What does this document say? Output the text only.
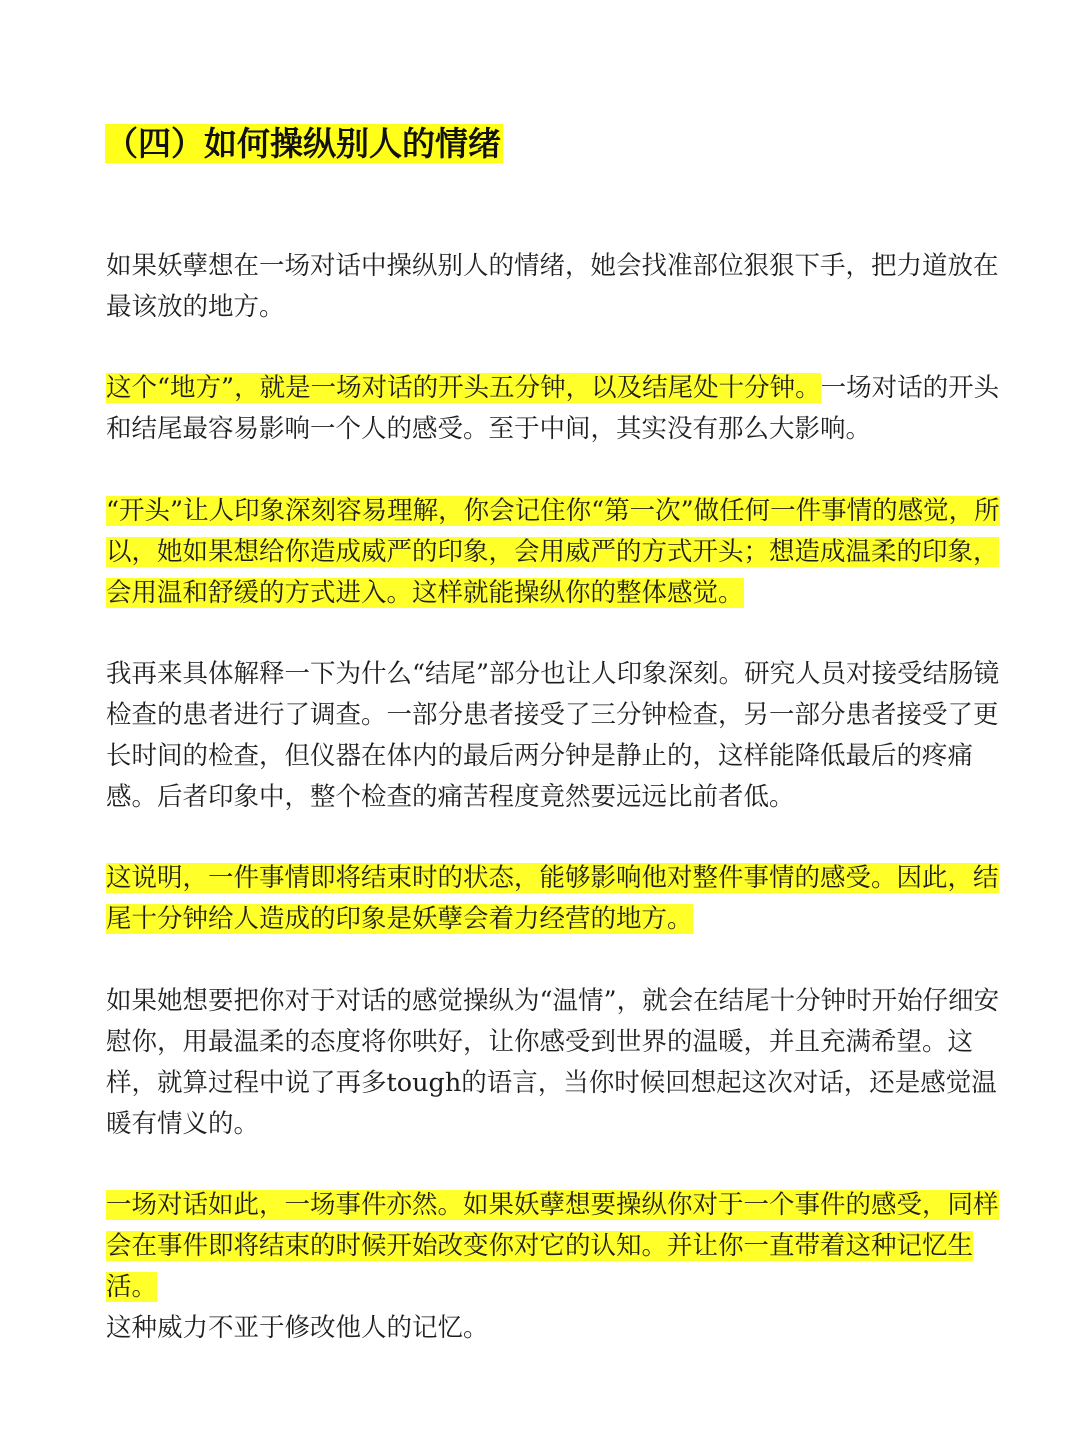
（四）如何操纵别人的情绪

如果妖孽想在一场对话中操纵别人的情绪，她会找准部位狠狠下手，把力道放在最该放的地方。

这个“地方”，就是一场对话的开头五分钟，以及结尾处十分钟。一场对话的开头和结尾最容易影响一个人的感受。至于中间，其实没有那么大影响。

“开头”让人印象深刻容易理解，你会记住你“第一次”做任何一件事情的感觉，所以，她如果想给你造成威严的印象，会用威严的方式开头；想造成温柔的印象，会用温和舒缓的方式进入。这样就能操纵你的整体感觉。

我再来具体解释一下为什么“结尾”部分也让人印象深刻。研究人员对接受结肠镜检查的患者进行了调查。一部分患者接受了三分钟检查，另一部分患者接受了更长时间的检查，但仪器在体内的最后两分钟是静止的，这样能降低最后的疼痛感。后者印象中，整个检查的痛苦程度竟然要远远比前者低。

这说明，一件事情即将结束时的状态，能够影响他对整件事情的感受。因此，结尾十分钟给人造成的印象是妖孽会着力经营的地方。

如果她想要把你对于对话的感觉操纵为“温情”，就会在结尾十分钟时开始仔细安慰你，用最温柔的态度将你哄好，让你感受到世界的温暖，并且充满希望。这样，就算过程中说了再多tough的语言，当你时候回想起这次对话，还是感觉温暖有情义的。

一场对话如此，一场事件亦然。如果妖孽想要操纵你对于一个事件的感受，同样会在事件即将结束的时候开始改变你对它的认知。并让你一直带着这种记忆生活。

这种威力不亚于修改他人的记忆。
